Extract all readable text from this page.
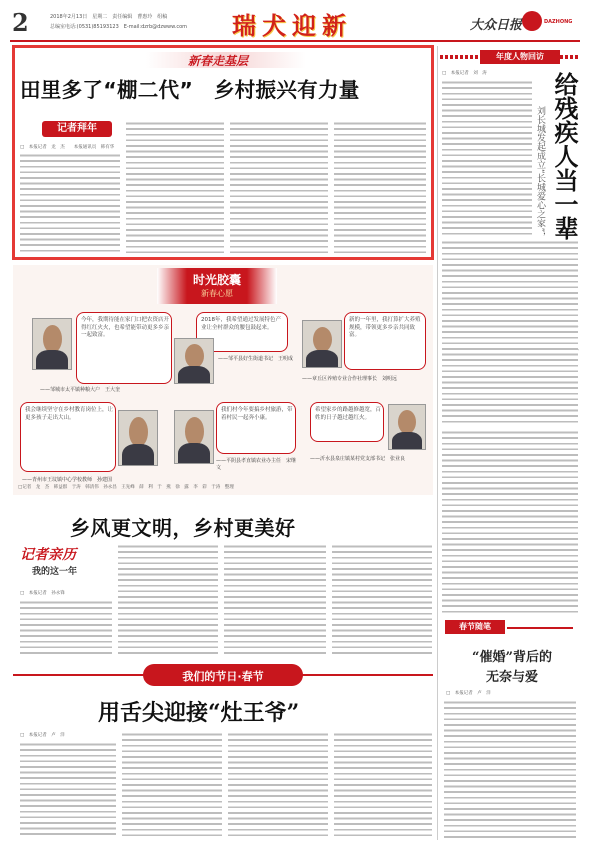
2	2018年2月13日　星期二　责任编辑　曹惠玲　组稿
总编室电话:(0531)85193123　E-mail:dzrb@dzwww.com 瑞犬迎新	大众日报	DAZHONG
新春走基层
田里多了“棚二代”　乡村振兴有力量
记者拜年
□　本报记者　龙　杰　　本报通讯员　韩有华
年度人物回访
□　本报记者　刘　涛	给残疾人当一辈子“长城大哥”
刘长城发起成立“长城爱心之家”，六年来惠顾百余名残疾人朋友
时光胶囊
新春心愿
今年，我期待能在家门口把农资店开得红红火火，也希望能带动更多乡亲一起致富。
——邹城市太平镇种粮大户　王大奎
2018年，我希望通过发展特色产业让全村群众的腰包鼓起来。
——邹平县好生街道书记　王明成
新的一年里，我打算扩大养殖规模，带领更多乡亲共同致富。
——章丘区养殖专业合作社理事长　刘明远
我会继续坚守在乡村教育岗位上，让更多孩子走出大山。
——青州市王坟镇中心学校教师　孙建国
我们村今年要搞乡村旅游，带着村民一起奔小康。
——平阴县孝直镇农业办主任　宋继文
希望家乡的路越修越宽，百姓的日子越过越红火。
——沂水县泉庄镇某村党支部书记　张业良
□记者　龙　杰　韩益群　于涛　韩清伟　孙永昌　王先峰　薛　利　于　燕　徐　露　李　彩　于涛　整理
乡风更文明，乡村更美好
记者亲历
我的这一年
□　本报记者　孙永锋
我们的节日·春节
用舌尖迎接“灶王爷”
□　本报记者　卢　洋
春节随笔
“催婚”背后的
无奈与爱
□　本报记者　卢　洋
